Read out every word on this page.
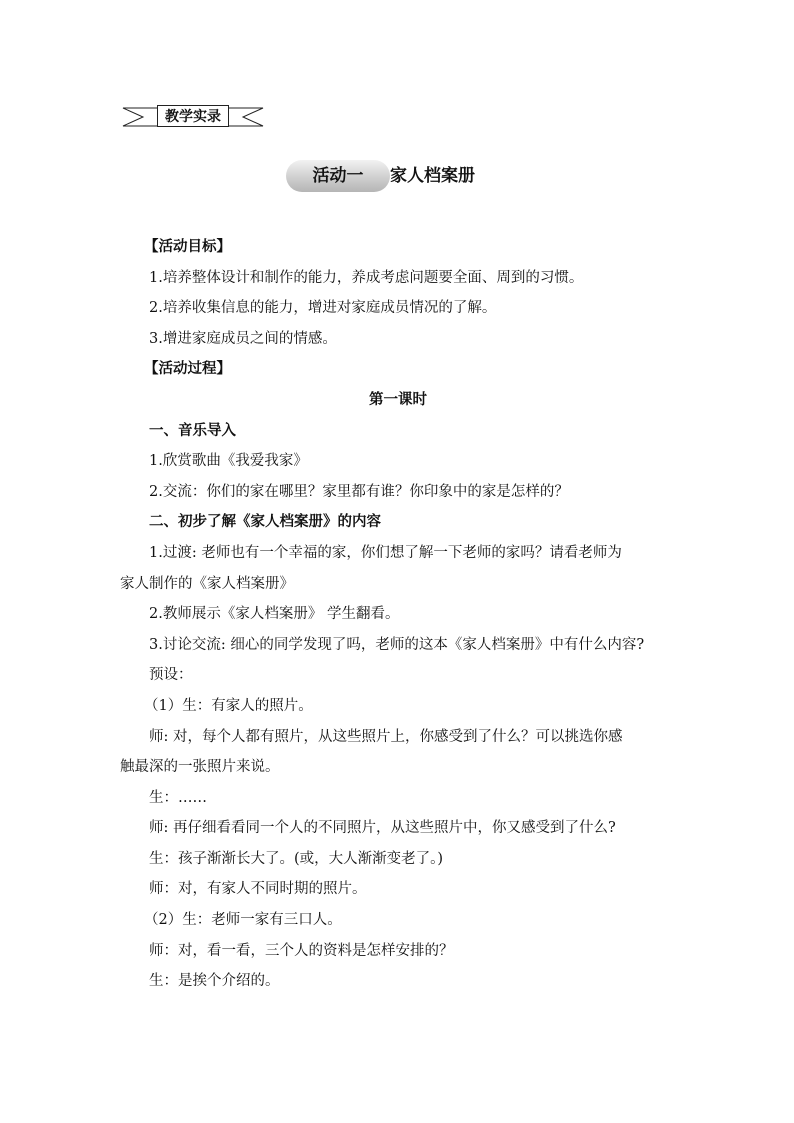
教学实录
活动一	家人档案册
【活动目标】
1.培养整体设计和制作的能力，养成考虑问题要全面、周到的习惯。
2.培养收集信息的能力，增进对家庭成员情况的了解。
3.增进家庭成员之间的情感。
【活动过程】
第一课时
一、音乐导入
1.欣赏歌曲《我爱我家》
2.交流：你们的家在哪里？家里都有谁？你印象中的家是怎样的？
二、初步了解《家人档案册》的内容
1.过渡: 老师也有一个幸福的家，你们想了解一下老师的家吗？请看老师为
家人制作的《家人档案册》
2.教师展示《家人档案册》 学生翻看。
3.讨论交流: 细心的同学发现了吗，老师的这本《家人档案册》中有什么内容?
预设：
（1）生：有家人的照片。
师: 对，每个人都有照片，从这些照片上，你感受到了什么？可以挑选你感
触最深的一张照片来说。
生：……
师: 再仔细看看同一个人的不同照片，从这些照片中，你又感受到了什么?
生：孩子渐渐长大了。(或，大人渐渐变老了。)
师：对，有家人不同时期的照片。
（2）生：老师一家有三口人。
师：对，看一看，三个人的资料是怎样安排的？
生：是挨个介绍的。
